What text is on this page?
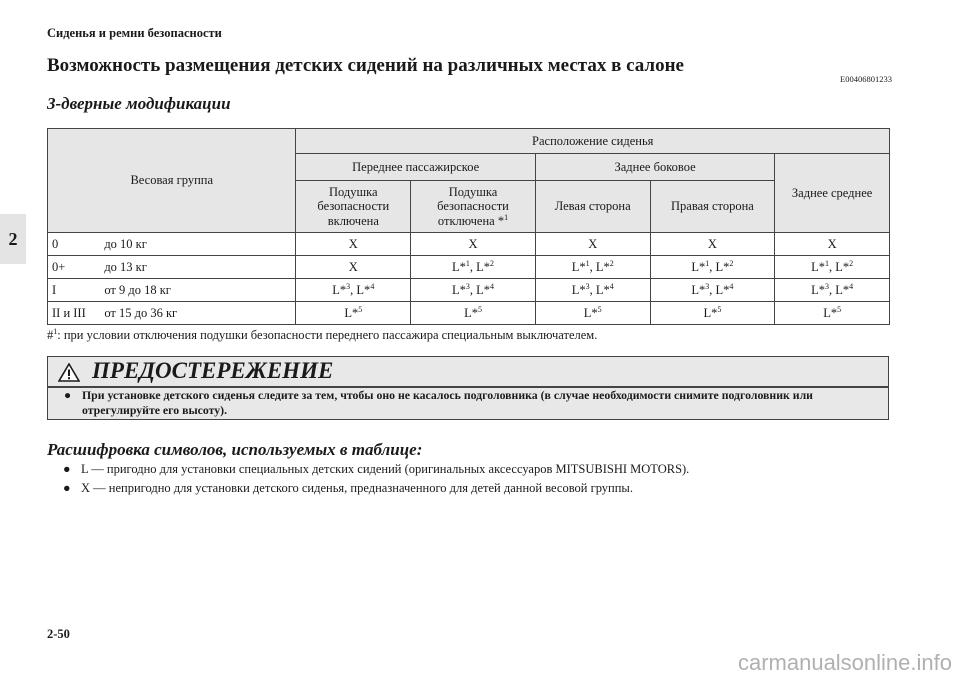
Сиденья и ремни безопасности
Возможность размещения детских сидений на различных местах в салоне
E00406801233
3-дверные модификации
2
Весовая группа		Расположение сиденья				
		Переднее пассажирское		Заднее боковое		Заднее среднее
		Подушка безопасности включена	Подушка безопасности отключена *$^1$	Левая сторона	Правая сторона	
0	до 10 кг	X	X	X	X	X
0+	до 13 кг	X	L*$^1$, L*$^2$	L*$^1$, L*$^2$	L*$^1$, L*$^2$	L*$^1$, L*$^2$
I	от 9 до 18 кг	L*$^3$, L*$^4$	L*$^3$, L*$^4$	L*$^3$, L*$^4$	L*$^3$, L*$^4$	L*$^3$, L*$^4$
II и III	от 15 до 36 кг	L*$^5$	L*$^5$	L*$^5$	L*$^5$	L*$^5$
#$^1$: при условии отключения подушки безопасности переднего пассажира специальным выключателем.
ПРЕДОСТЕРЕЖЕНИЕ
● При установке детского сиденья следите за тем, чтобы оно не касалось подголовника (в случае необходимости снимите подголовник или отрегулируйте его высоту).
Расшифровка символов, используемых в таблице:
● L — пригодно для установки специальных детских сидений (оригинальных аксессуаров MITSUBISHI MOTORS).
● X — непригодно для установки детского сиденья, предназначенного для детей данной весовой группы.
2-50
carmanualsonline.info
